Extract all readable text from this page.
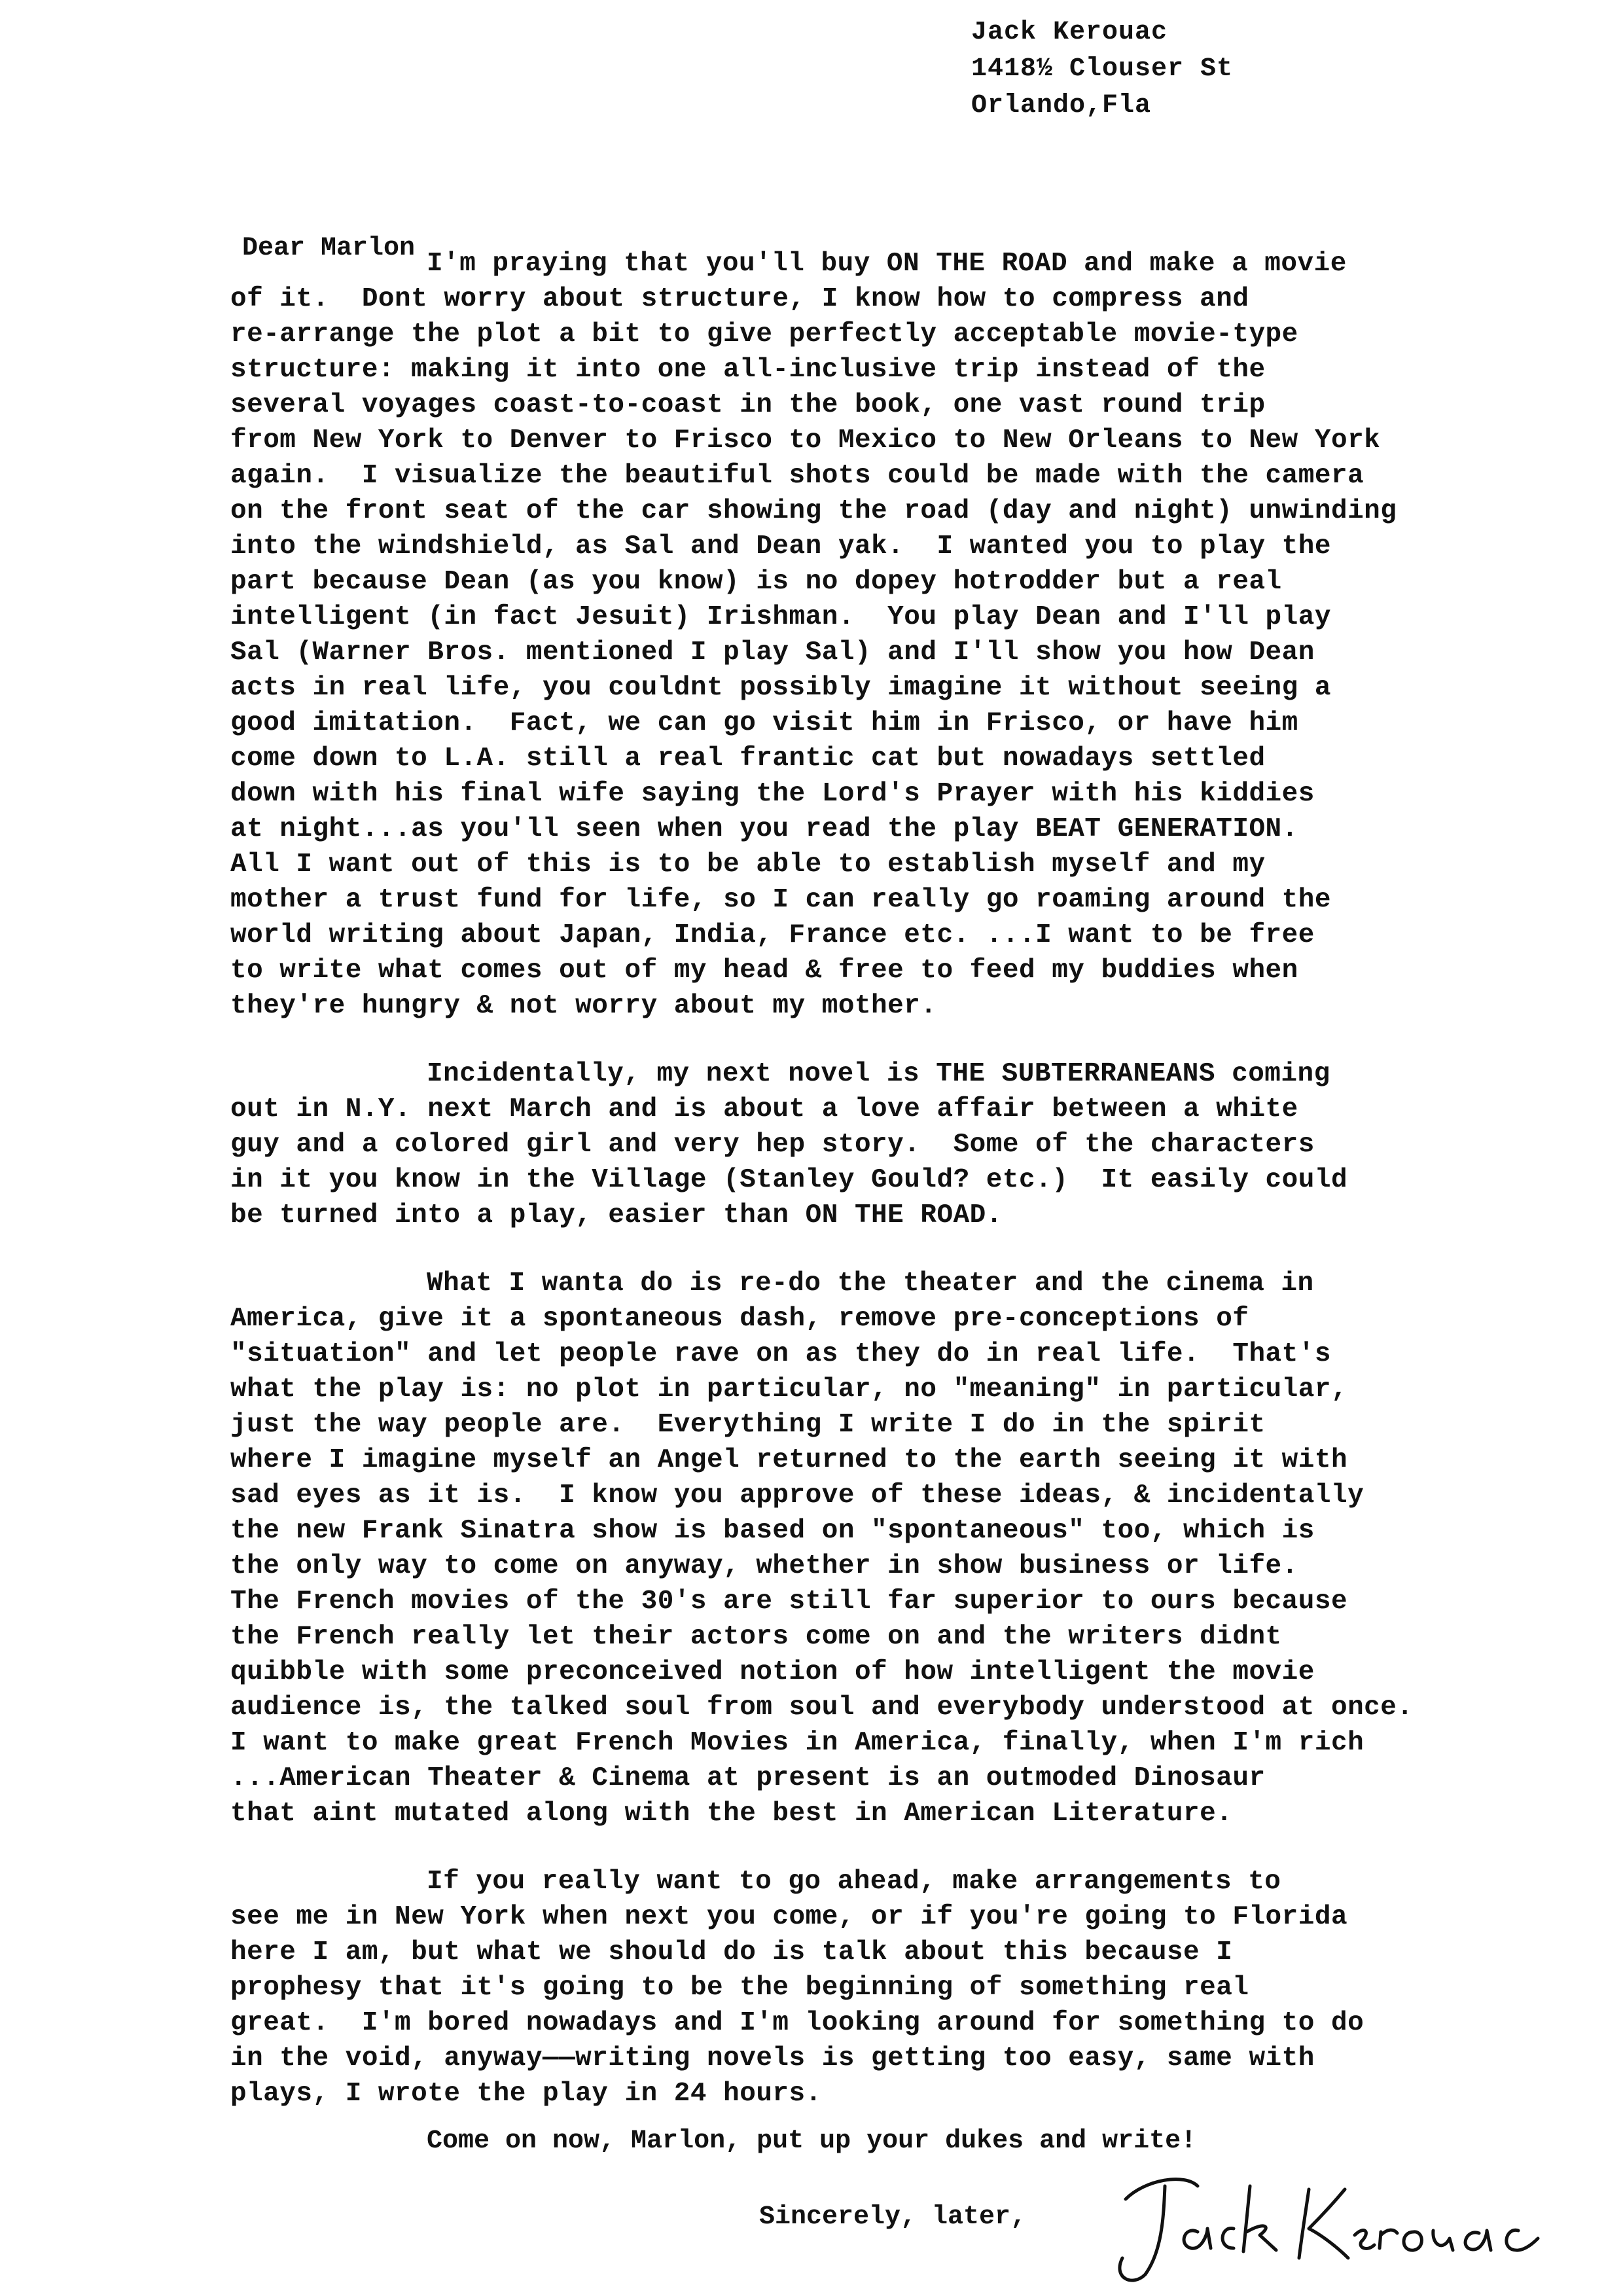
Jack Kerouac
1418½ Clouser St
Orlando,Fla
Dear Marlon
I'm praying that you'll buy ON THE ROAD and make a movie
of it.  Dont worry about structure, I know how to compress and
re-arrange the plot a bit to give perfectly acceptable movie-type
structure: making it into one all-inclusive trip instead of the
several voyages coast-to-coast in the book, one vast round trip
from New York to Denver to Frisco to Mexico to New Orleans to New York
again.  I visualize the beautiful shots could be made with the camera
on the front seat of the car showing the road (day and night) unwinding
into the windshield, as Sal and Dean yak.  I wanted you to play the
part because Dean (as you know) is no dopey hotrodder but a real
intelligent (in fact Jesuit) Irishman.  You play Dean and I'll play
Sal (Warner Bros. mentioned I play Sal) and I'll show you how Dean
acts in real life, you couldnt possibly imagine it without seeing a
good imitation.  Fact, we can go visit him in Frisco, or have him
come down to L.A. still a real frantic cat but nowadays settled
down with his final wife saying the Lord's Prayer with his kiddies
at night...as you'll seen when you read the play BEAT GENERATION.
All I want out of this is to be able to establish myself and my
mother a trust fund for life, so I can really go roaming around the
world writing about Japan, India, France etc. ...I want to be free
to write what comes out of my head & free to feed my buddies when
they're hungry & not worry about my mother.
Incidentally, my next novel is THE SUBTERRANEANS coming
out in N.Y. next March and is about a love affair between a white
guy and a colored girl and very hep story.  Some of the characters
in it you know in the Village (Stanley Gould? etc.)  It easily could
be turned into a play, easier than ON THE ROAD.
What I wanta do is re-do the theater and the cinema in
America, give it a spontaneous dash, remove pre-conceptions of
"situation" and let people rave on as they do in real life.  That's
what the play is: no plot in particular, no "meaning" in particular,
just the way people are.  Everything I write I do in the spirit
where I imagine myself an Angel returned to the earth seeing it with
sad eyes as it is.  I know you approve of these ideas, & incidentally
the new Frank Sinatra show is based on "spontaneous" too, which is
the only way to come on anyway, whether in show business or life.
The French movies of the 30's are still far superior to ours because
the French really let their actors come on and the writers didnt
quibble with some preconceived notion of how intelligent the movie
audience is, the talked soul from soul and everybody understood at once.
I want to make great French Movies in America, finally, when I'm rich
...American Theater & Cinema at present is an outmoded Dinosaur
that aint mutated along with the best in American Literature.
If you really want to go ahead, make arrangements to
see me in New York when next you come, or if you're going to Florida
here I am, but what we should do is talk about this because I
prophesy that it's going to be the beginning of something real
great.  I'm bored nowadays and I'm looking around for something to do
in the void, anyway——writing novels is getting too easy, same with
plays, I wrote the play in 24 hours.
Come on now, Marlon, put up your dukes and write!
Sincerely, later,
